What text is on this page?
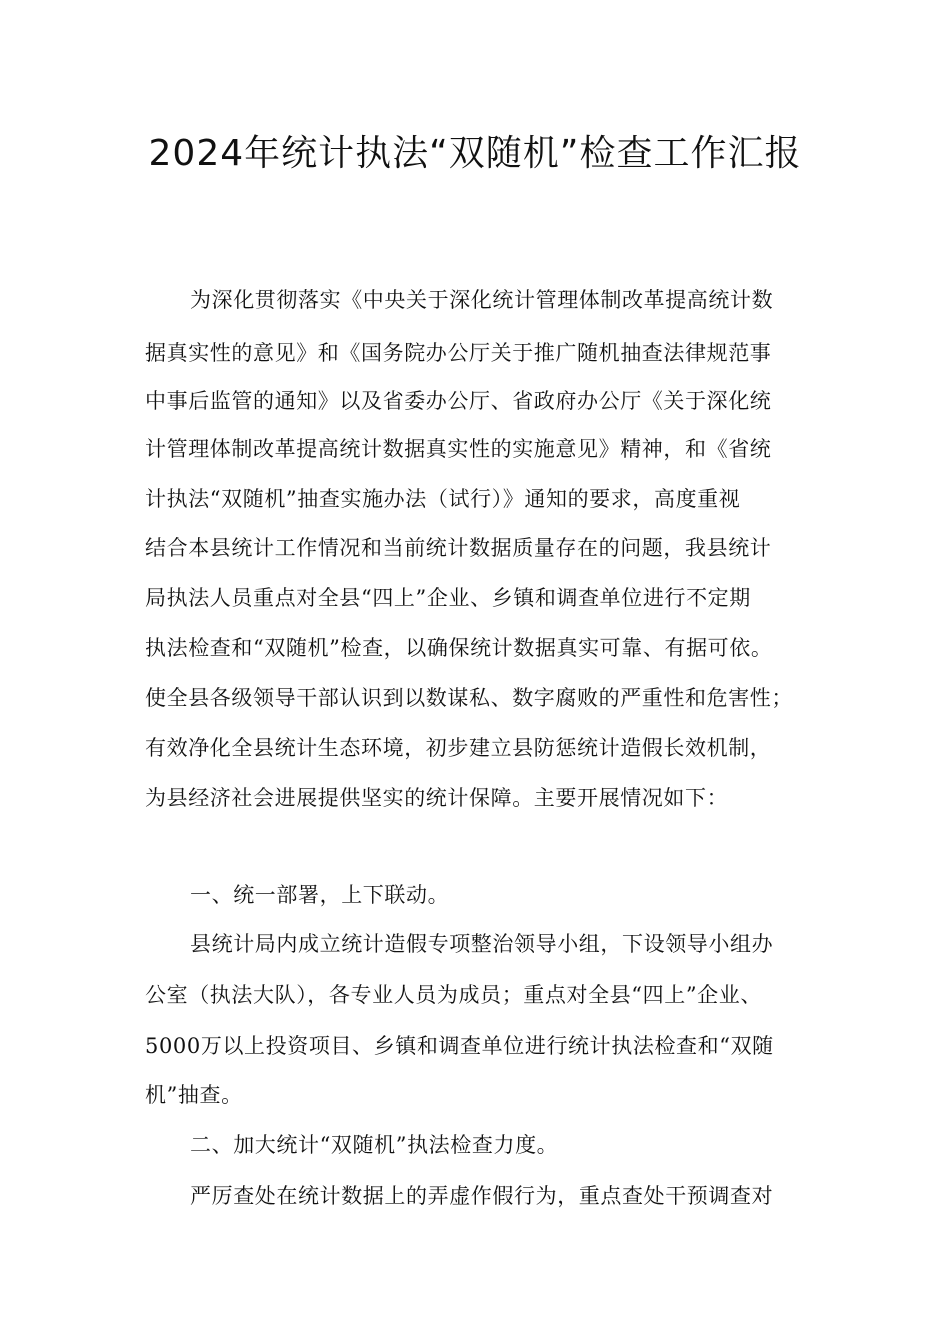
2024年统计执法“双随机”检查工作汇报
为深化贯彻落实《中央关于深化统计管理体制改革提高统计数
据真实性的意见》和《国务院办公厅关于推广随机抽查法律规范事
中事后监管的通知》以及省委办公厅、省政府办公厅《关于深化统
计管理体制改革提高统计数据真实性的实施意见》精神，和《省统
计执法“双随机”抽查实施办法（试行）》通知的要求，高度重视
结合本县统计工作情况和当前统计数据质量存在的问题，我县统计
局执法人员重点对全县“四上”企业、乡镇和调查单位进行不定期
执法检查和“双随机”检查，以确保统计数据真实可靠、有据可依。
使全县各级领导干部认识到以数谋私、数字腐败的严重性和危害性；
有效净化全县统计生态环境，初步建立县防惩统计造假长效机制，
为县经济社会进展提供坚实的统计保障。主要开展情况如下：
一、统一部署，上下联动。
县统计局内成立统计造假专项整治领导小组，下设领导小组办
公室（执法大队），各专业人员为成员；重点对全县“四上”企业、
5000万以上投资项目、乡镇和调查单位进行统计执法检查和“双随
机”抽查。
二、加大统计“双随机”执法检查力度。
严厉查处在统计数据上的弄虚作假行为，重点查处干预调查对
